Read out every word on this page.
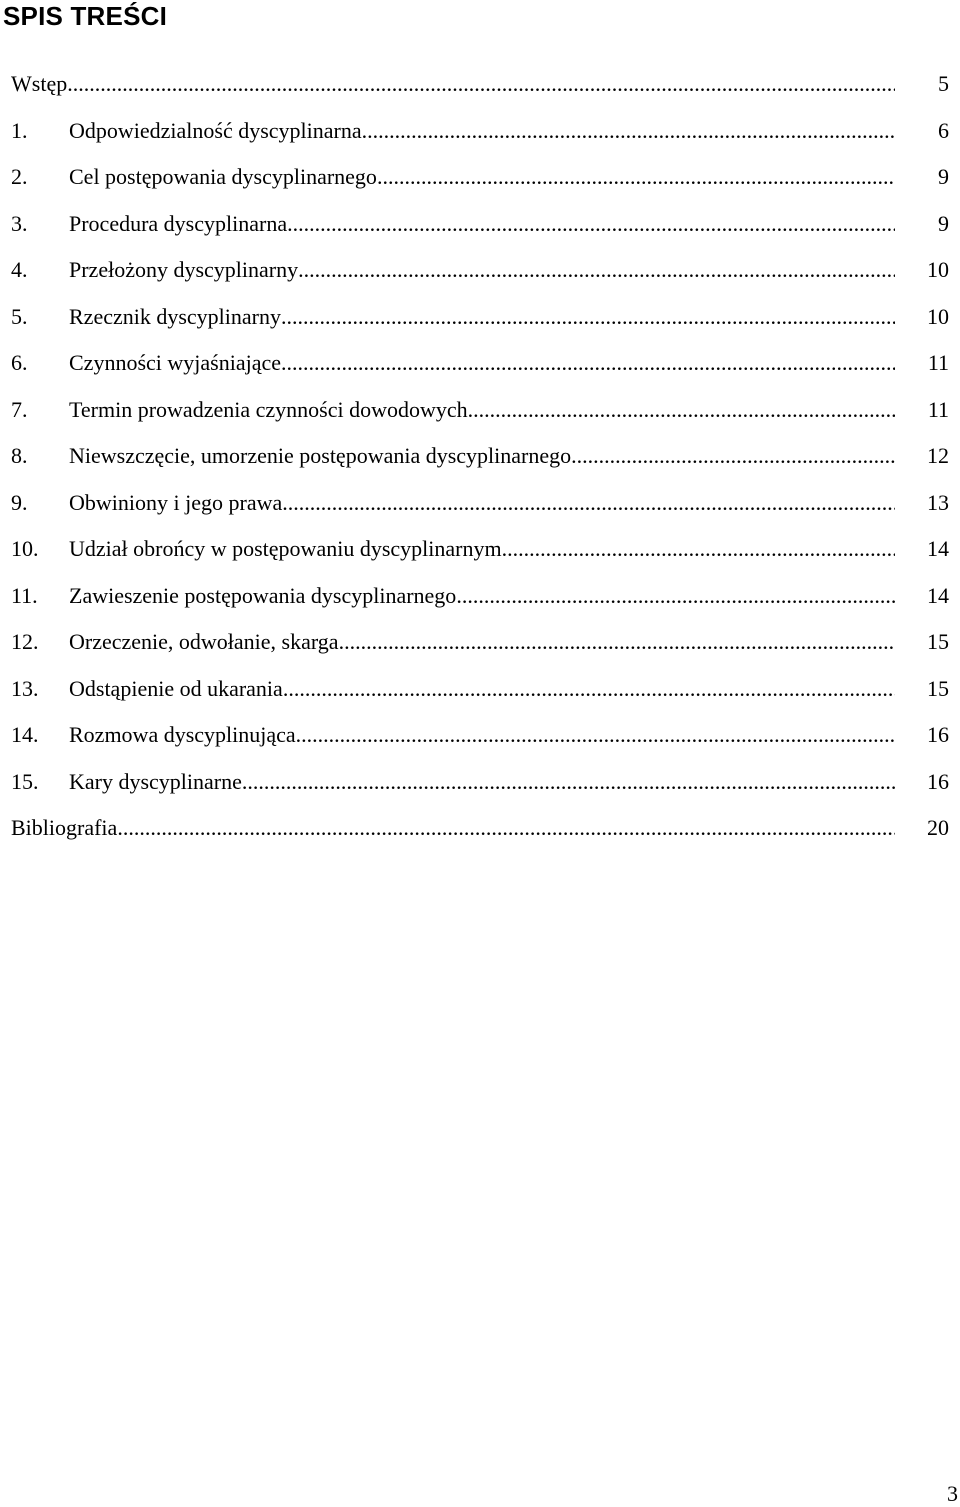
SPIS TREŚCI
Wstęp .....	5
1.	Odpowiedzialność dyscyplinarna .....	6
2.	Cel postępowania dyscyplinarnego .....	9
3.	Procedura dyscyplinarna .....	9
4.	Przełożony dyscyplinarny .....	10
5.	Rzecznik dyscyplinarny .....	10
6.	Czynności wyjaśniające .....	11
7.	Termin prowadzenia czynności dowodowych .....	11
8.	Niewszczęcie, umorzenie postępowania dyscyplinarnego .....	12
9.	Obwiniony i jego prawa .....	13
10.	Udział obrońcy w postępowaniu dyscyplinarnym .....	14
11.	Zawieszenie postępowania dyscyplinarnego .....	14
12.	Orzeczenie, odwołanie, skarga .....	15
13.	Odstąpienie od ukarania .....	15
14.	Rozmowa dyscyplinująca .....	16
15.	Kary dyscyplinarne .....	16
Bibliografia .....	20
3
